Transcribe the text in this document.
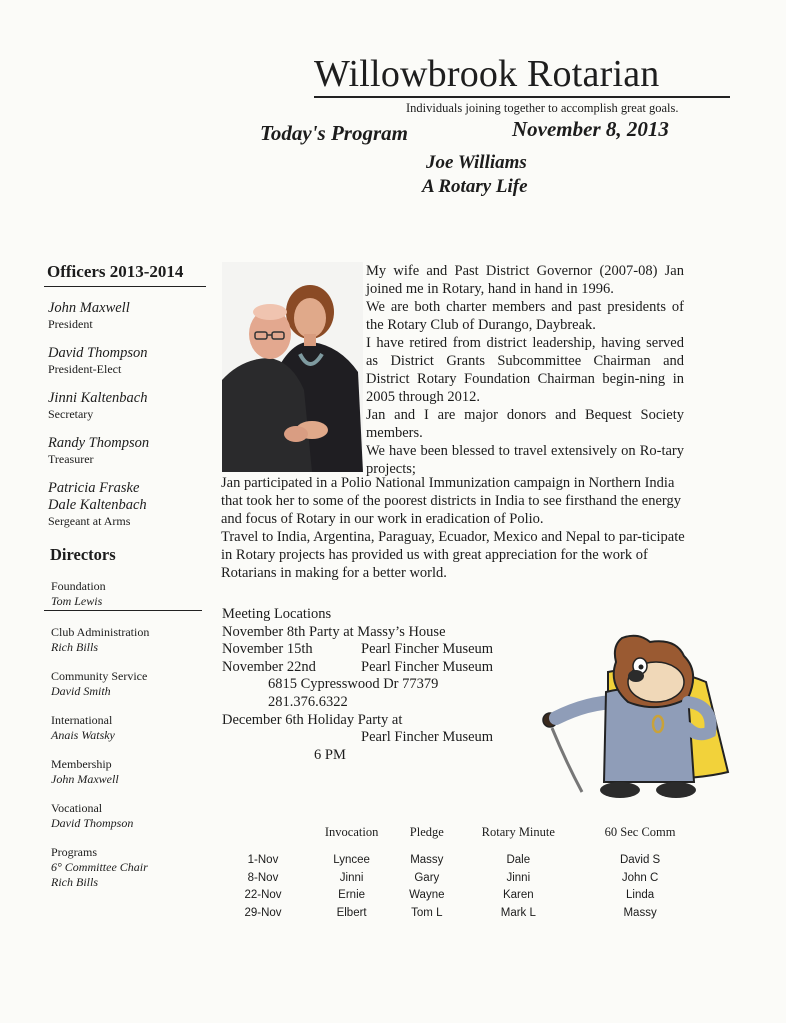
Willowbrook Rotarian
Individuals joining together to accomplish great goals.
Today's Program	November 8, 2013
Joe Williams
A Rotary Life
Officers 2013-2014
John Maxwell
President
David Thompson
President-Elect
Jinni Kaltenbach
Secretary
Randy Thompson
Treasurer
Patricia Fraske
Dale Kaltenbach
Sergeant at Arms
Directors
Foundation
Tom Lewis
Club Administration
Rich Bills
Community Service
David Smith
International
Anais Watsky
Membership
John Maxwell
Vocational
David Thompson
Programs
6° Committee Chair
Rich Bills

My wife and Past District Governor (2007-08) Jan joined me in Rotary, hand in hand in 1996.

We are both charter members and past presidents of the Rotary Club of Durango, Daybreak.

I have retired from district leadership, having served as District Grants Subcommittee Chairman and District Rotary Foundation Chairman begin-ning in 2005 through 2012.

Jan and I are major donors and Bequest Society members.

We have been blessed to travel extensively on Ro-tary projects;

Jan participated in a Polio National Immunization campaign in Northern India that took her to some of the poorest districts in India to see firsthand the energy and focus of Rotary in our work in eradication of Polio.

Travel to India, Argentina, Paraguay, Ecuador, Mexico and Nepal to par-ticipate in Rotary projects has provided us with great appreciation for the work of Rotarians in making for a better world.

Meeting Locations
November 8th Party at Massy’s House
November 15th	Pearl Fincher Museum
November 22nd	Pearl Fincher Museum
6815 Cypresswood Dr 77379
281.376.6322
December 6th Holiday Party at
Pearl Fincher Museum
6 PM
	Invocation	Pledge	Rotary Minute	60 Sec Comm
1-Nov	Lyncee	Massy	Dale	David S
8-Nov	Jinni	Gary	Jinni	John C
22-Nov	Ernie	Wayne	Karen	Linda
29-Nov	Elbert	Tom L	Mark L	Massy
